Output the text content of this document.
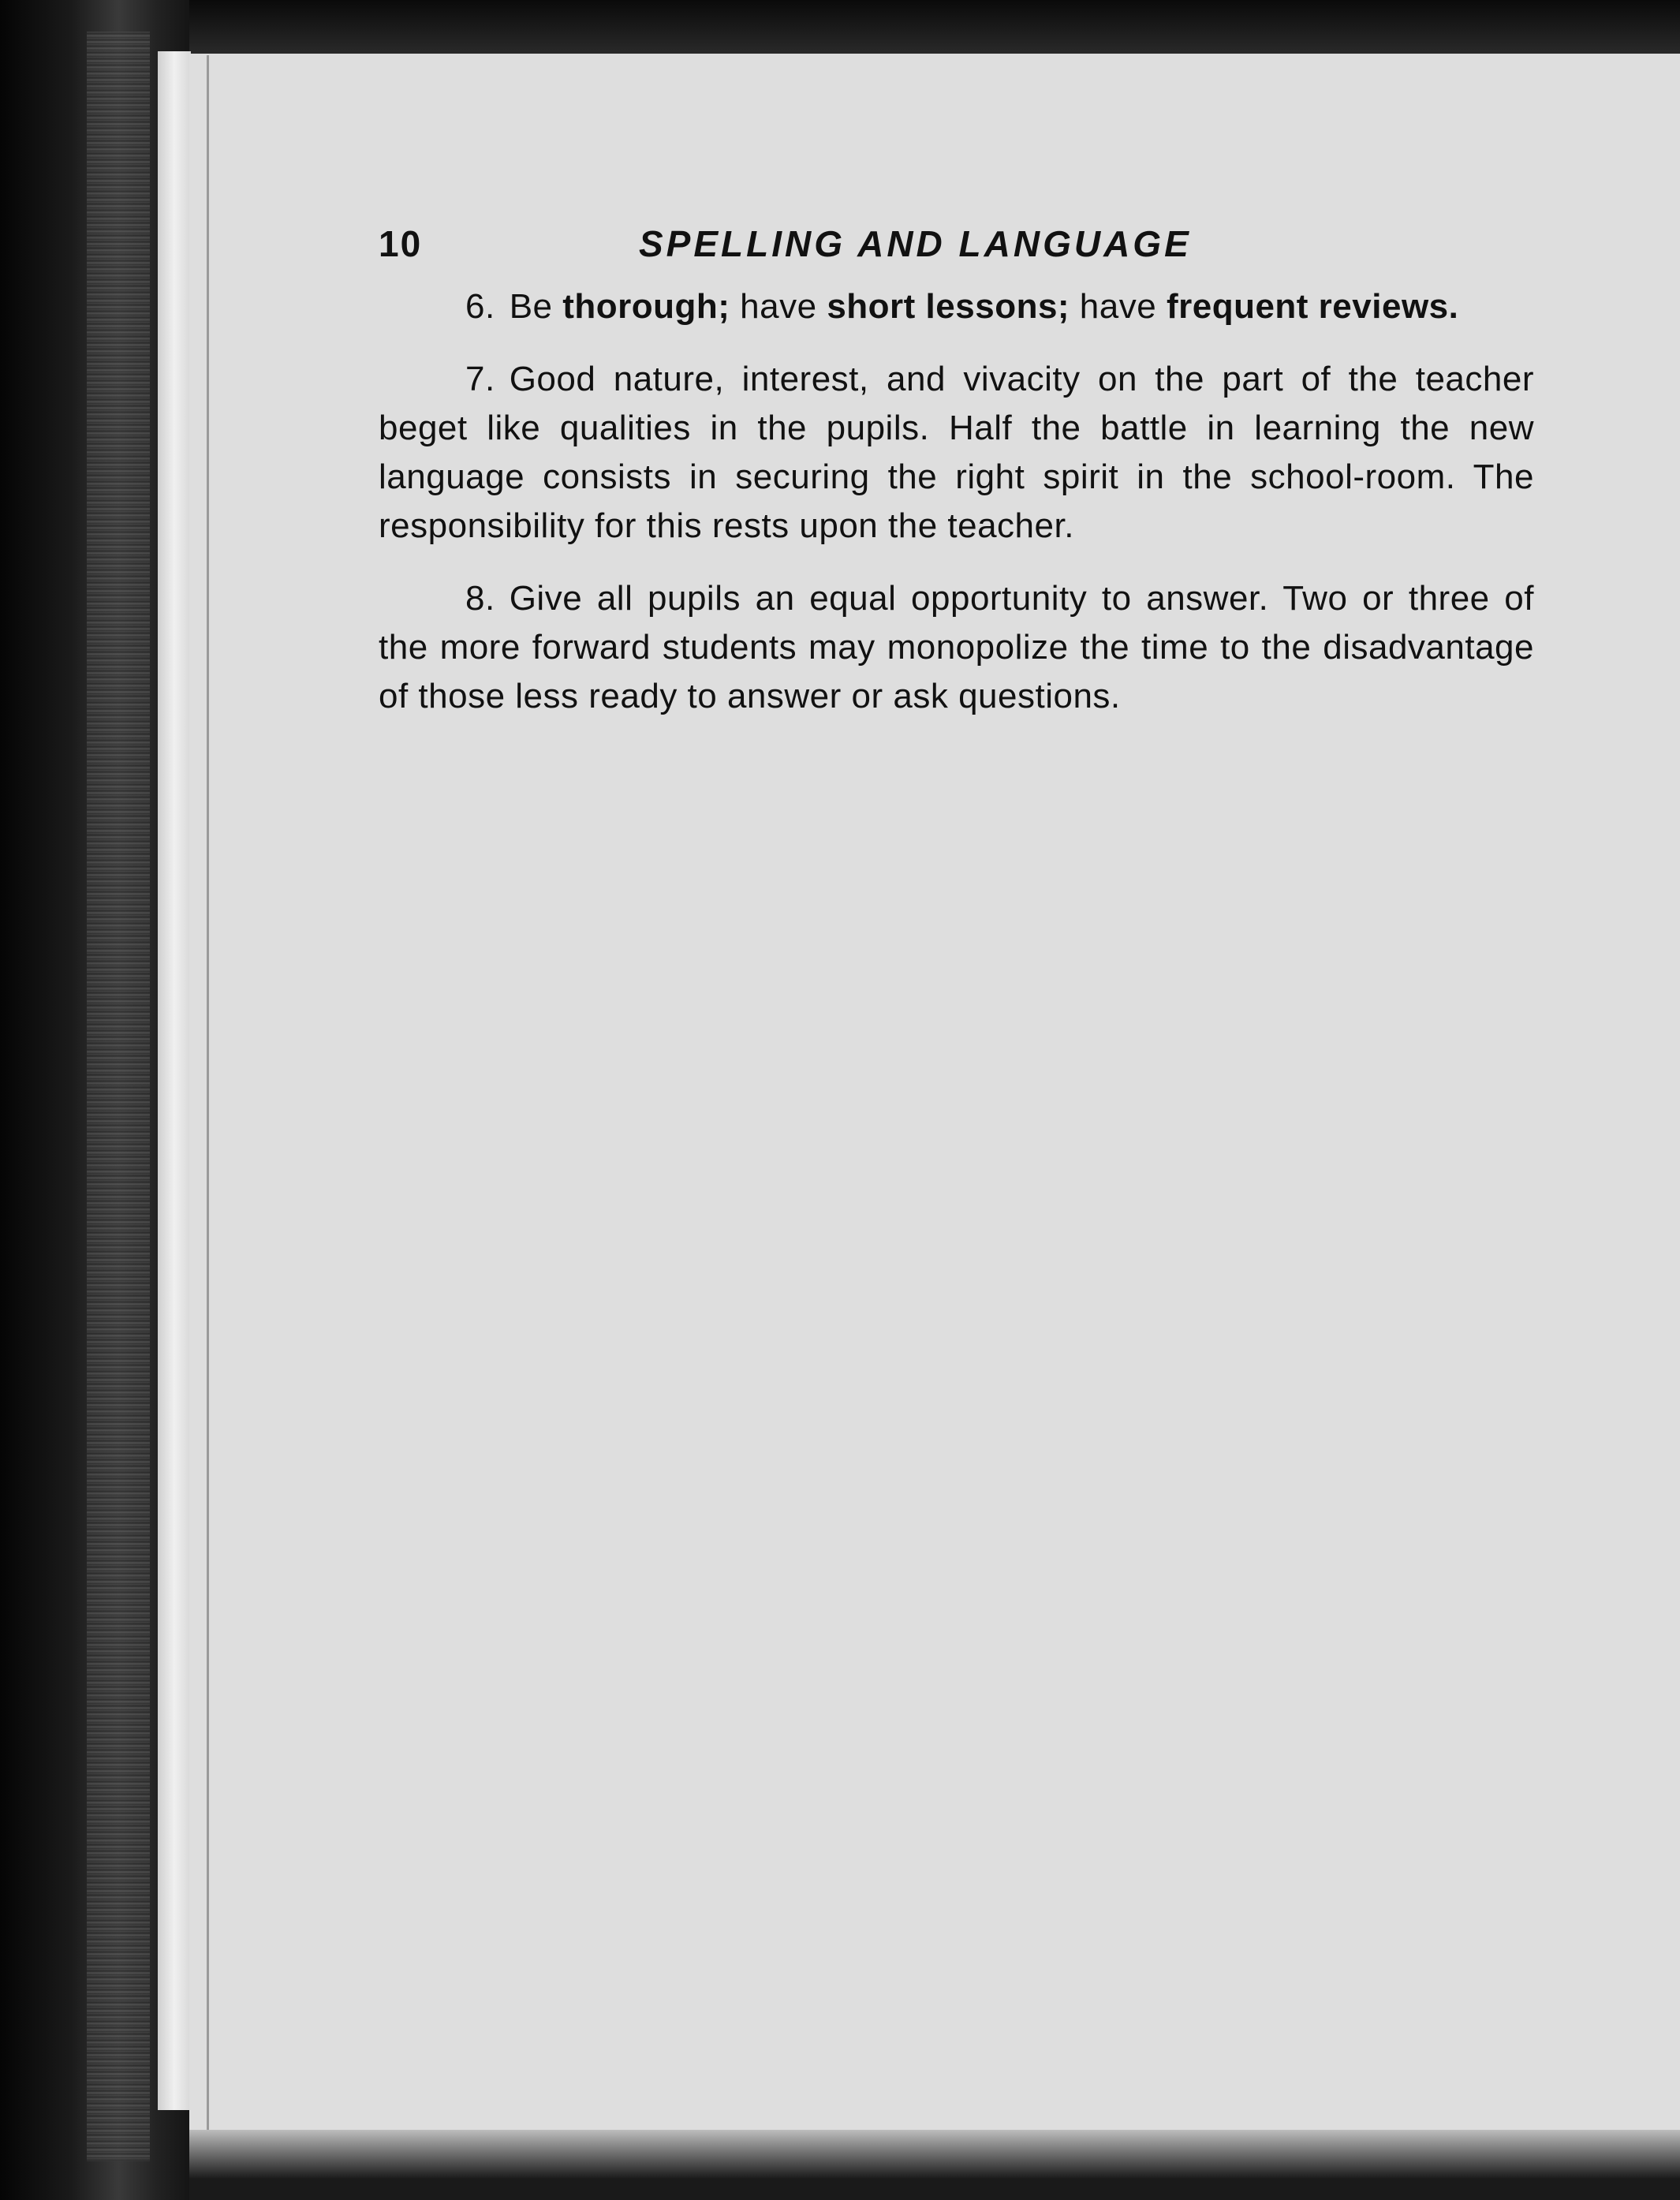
10	SPELLING AND LANGUAGE

6. Be thorough; have short lessons; have frequent reviews.

7. Good nature, interest, and vivacity on the part of the teacher beget like qualities in the pupils. Half the battle in learning the new language consists in securing the right spirit in the school-room. The responsibility for this rests upon the teacher.

8. Give all pupils an equal opportunity to answer. Two or three of the more forward students may monopolize the time to the disadvantage of those less ready to answer or ask questions.
